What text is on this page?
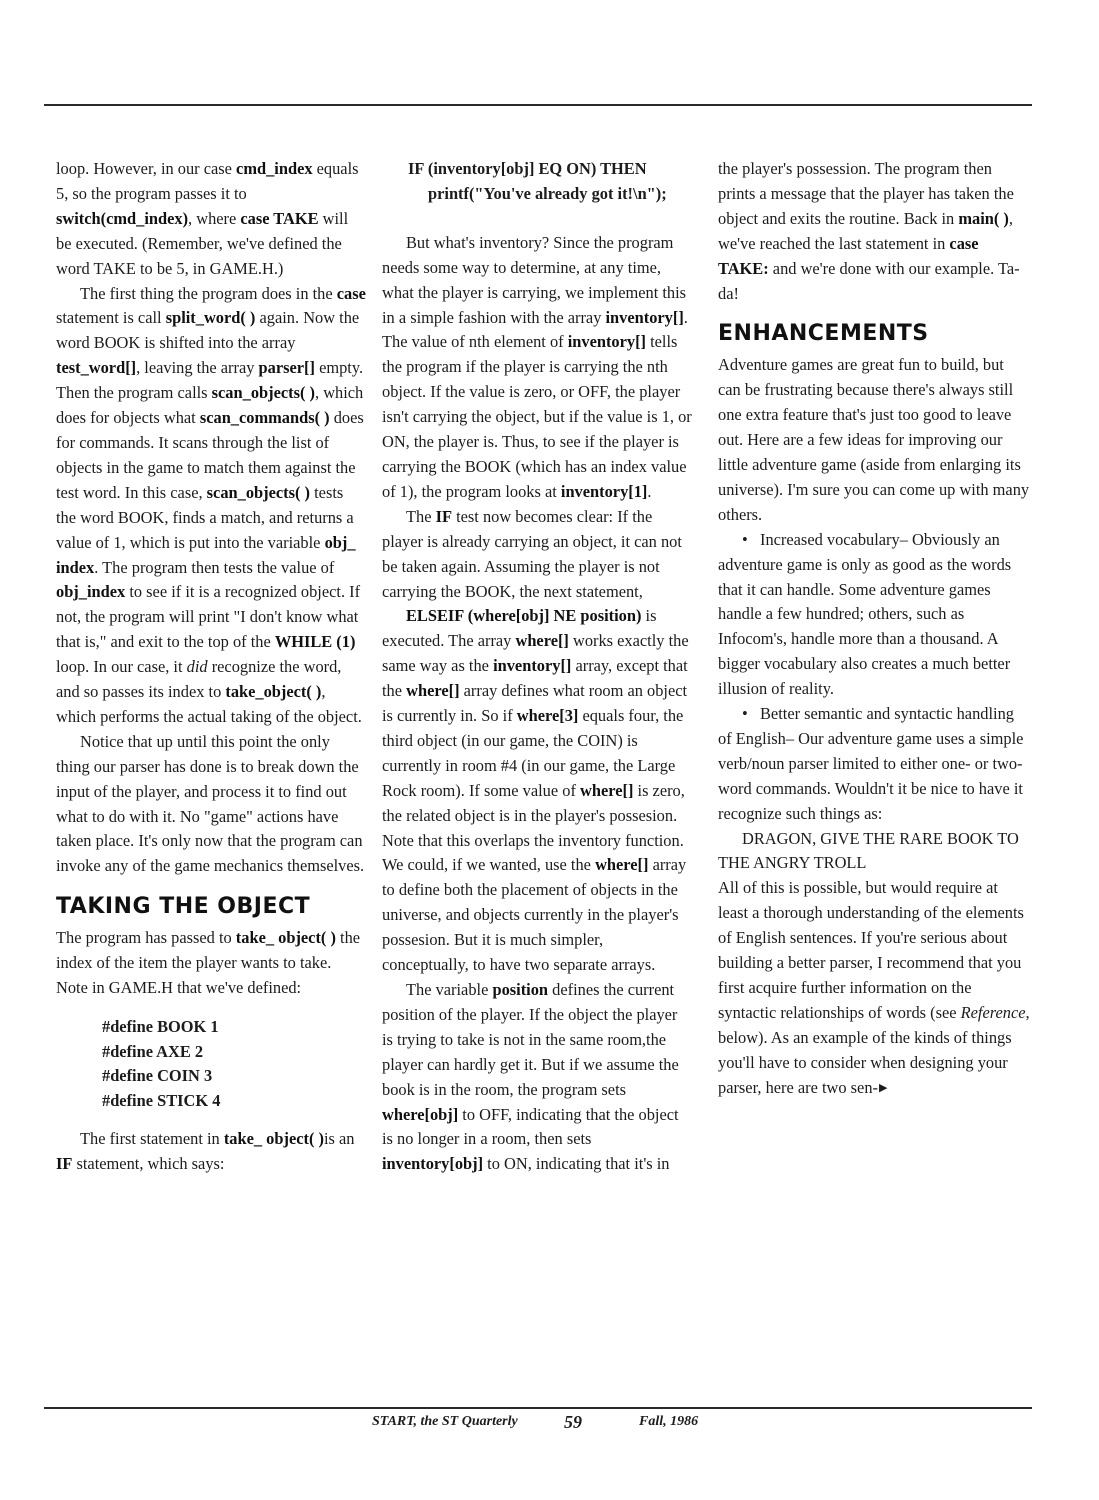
loop. However, in our case cmd_index equals 5, so the program passes it to switch(cmd_index), where case TAKE will be executed. (Remember, we've defined the word TAKE to be 5, in GAME.H.)

The first thing the program does in the case statement is call split_word( ) again. Now the word BOOK is shifted into the array test_word[], leaving the array parser[] empty. Then the program calls scan_objects( ), which does for objects what scan_commands( ) does for commands. It scans through the list of objects in the game to match them against the test word. In this case, scan_objects( ) tests the word BOOK, finds a match, and returns a value of 1, which is put into the variable obj_ index. The program then tests the value of obj_index to see if it is a recognized object. If not, the program will print "I don't know what that is," and exit to the top of the WHILE (1) loop. In our case, it did recognize the word, and so passes its index to take_object( ), which performs the actual taking of the object.

Notice that up until this point the only thing our parser has done is to break down the input of the player, and process it to find out what to do with it. No "game" actions have taken place. It's only now that the program can invoke any of the game mechanics themselves.

TAKING THE OBJECT

The program has passed to take_ object( ) the index of the item the player wants to take. Note in GAME.H that we've defined:

#define BOOK 1
#define AXE 2
#define COIN 3
#define STICK 4

The first statement in take_ object( )is an IF statement, which says:

IF (inventory[obj] EQ ON) THEN
printf("You've already got it!\n");

But what's inventory? Since the program needs some way to determine, at any time, what the player is carrying, we implement this in a simple fashion with the array inventory[]. The value of nth element of inventory[] tells the program if the player is carrying the nth object. If the value is zero, or OFF, the player isn't carrying the object, but if the value is 1, or ON, the player is. Thus, to see if the player is carrying the BOOK (which has an index value of 1), the program looks at inventory[1].

The IF test now becomes clear: If the player is already carrying an object, it can not be taken again. Assuming the player is not carrying the BOOK, the next statement,

ELSEIF (where[obj] NE position) is executed. The array where[] works exactly the same way as the inventory[] array, except that the where[] array defines what room an object is currently in. So if where[3] equals four, the third object (in our game, the COIN) is currently in room #4 (in our game, the Large Rock room). If some value of where[] is zero, the related object is in the player's possesion. Note that this overlaps the inventory function. We could, if we wanted, use the where[] array to define both the placement of objects in the universe, and objects currently in the player's possesion. But it is much simpler, conceptually, to have two separate arrays.

The variable position defines the current position of the player. If the object the player is trying to take is not in the same room,the player can hardly get it. But if we assume the book is in the room, the program sets where[obj] to OFF, indicating that the object is no longer in a room, then sets inventory[obj] to ON, indicating that it's in

the player's possession. The program then prints a message that the player has taken the object and exits the routine. Back in main( ), we've reached the last statement in case TAKE: and we're done with our example. Ta-da!

ENHANCEMENTS

Adventure games are great fun to build, but can be frustrating because there's always still one extra feature that's just too good to leave out. Here are a few ideas for improving our little adventure game (aside from enlarging its universe). I'm sure you can come up with many others.

• Increased vocabulary– Obviously an adventure game is only as good as the words that it can handle. Some adventure games handle a few hundred; others, such as Infocom's, handle more than a thousand. A bigger vocabulary also creates a much better illusion of reality.

• Better semantic and syntactic handling of English– Our adventure game uses a simple verb/noun parser limited to either one- or two-word commands. Wouldn't it be nice to have it recognize such things as:

DRAGON, GIVE THE RARE BOOK TO THE ANGRY TROLL

All of this is possible, but would require at least a thorough understanding of the elements of English sentences. If you're serious about building a better parser, I recommend that you first acquire further information on the syntactic relationships of words (see Reference, below). As an example of the kinds of things you'll have to consider when designing your parser, here are two sen-▶

START, the ST Quarterly	59	Fall, 1986
